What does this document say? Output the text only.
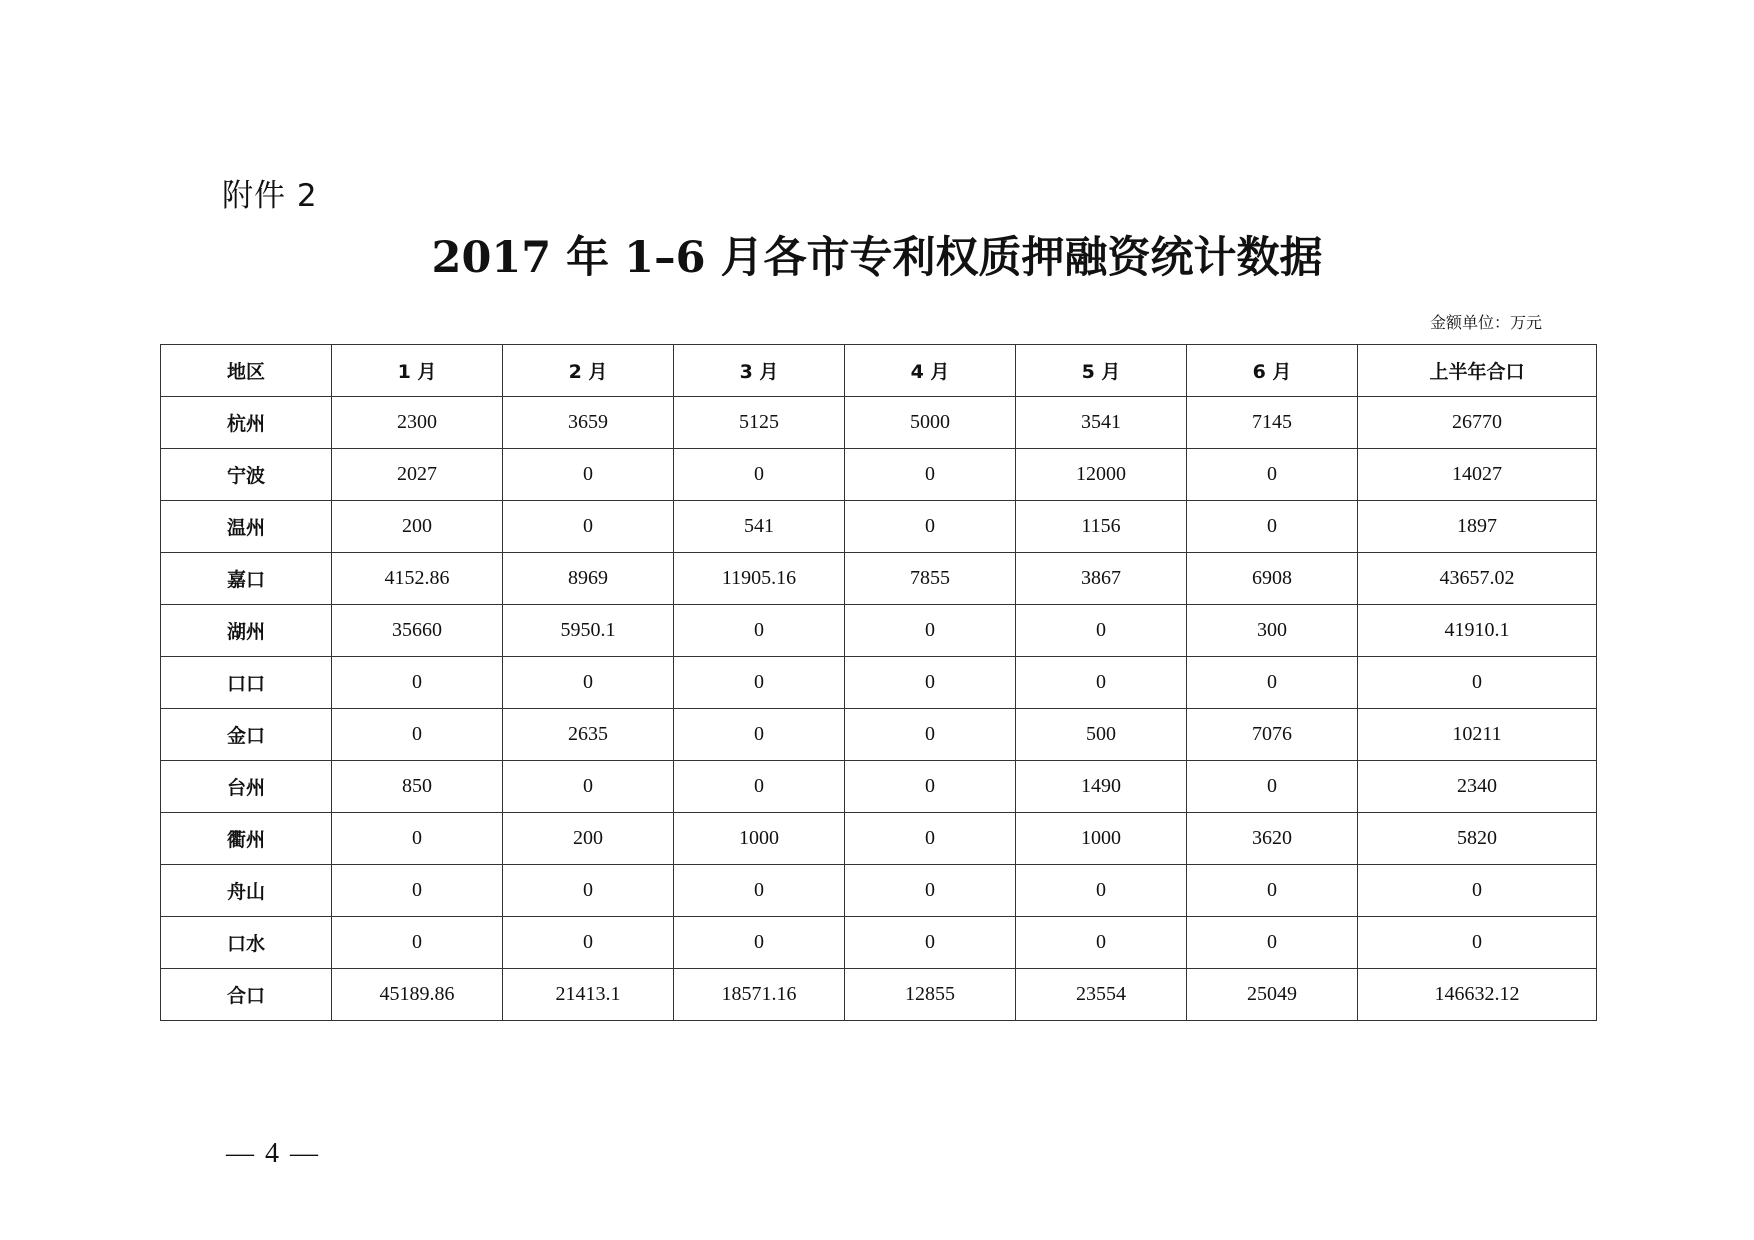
附件 2
2017 年 1–6 月各市专利权质押融资统计数据
金额单位：万元
地区	1 月	2 月	3 月	4 月	5 月	6 月	上半年合口
杭州	2300	3659	5125	5000	3541	7145	26770
宁波	2027	0	0	0	12000	0	14027
温州	200	0	541	0	1156	0	1897
嘉口	4152.86	8969	11905.16	7855	3867	6908	43657.02
湖州	35660	5950.1	0	0	0	300	41910.1
口口	0	0	0	0	0	0	0
金口	0	2635	0	0	500	7076	10211
台州	850	0	0	0	1490	0	2340
衢州	0	200	1000	0	1000	3620	5820
舟山	0	0	0	0	0	0	0
口水	0	0	0	0	0	0	0
合口	45189.86	21413.1	18571.16	12855	23554	25049	146632.12
— 4 —
